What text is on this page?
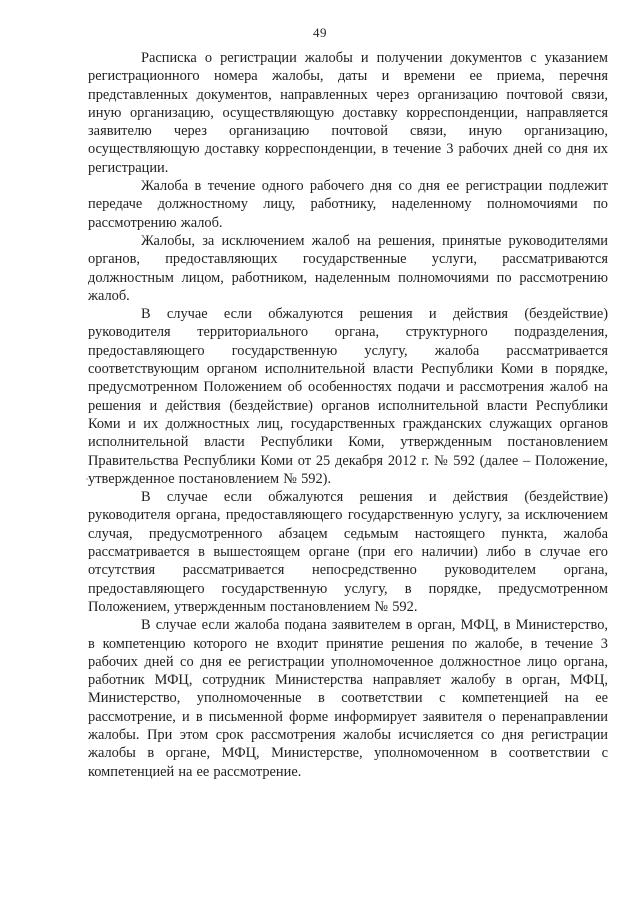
49

Расписка о регистрации жалобы и получении документов с указанием регистрационного номера жалобы, даты и времени ее приема, перечня представленных документов, направленных через организацию почтовой связи, иную организацию, осуществляющую доставку корреспонденции, направляется заявителю через организацию почтовой связи, иную организацию, осуществляющую доставку корреспонденции, в течение 3 рабочих дней со дня их регистрации.

Жалоба в течение одного рабочего дня со дня ее регистрации подлежит передаче должностному лицу, работнику, наделенному полномочиями по рассмотрению жалоб.

Жалобы, за исключением жалоб на решения, принятые руководителями органов, предоставляющих государственные услуги, рассматриваются должностным лицом, работником, наделенным полномочиями по рассмотрению жалоб.

В случае если обжалуются решения и действия (бездействие) руководителя территориального органа, структурного подразделения, предоставляющего государственную услугу, жалоба рассматривается соответствующим органом исполнительной власти Республики Коми в порядке, предусмотренном Положением об особенностях подачи и рассмотрения жалоб на решения и действия (бездействие) органов исполнительной власти Республики Коми и их должностных лиц, государственных гражданских служащих органов исполнительной власти Республики Коми, утвержденным постановлением Правительства Республики Коми от 25 декабря 2012 г. № 592 (далее – Положение, утвержденное постановлением № 592).

В случае если обжалуются решения и действия (бездействие) руководителя органа, предоставляющего государственную услугу, за исключением случая, предусмотренного абзацем седьмым настоящего пункта, жалоба рассматривается в вышестоящем органе (при его наличии) либо в случае его отсутствия рассматривается непосредственно руководителем органа, предоставляющего государственную услугу, в порядке, предусмотренном Положением, утвержденным постановлением № 592.

В случае если жалоба подана заявителем в орган, МФЦ, в Министерство, в компетенцию которого не входит принятие решения по жалобе, в течение 3 рабочих дней со дня ее регистрации уполномоченное должностное лицо органа, работник МФЦ, сотрудник Министерства направляет жалобу в орган, МФЦ, Министерство, уполномоченные в соответствии с компетенцией на ее рассмотрение, и в письменной форме информирует заявителя о перенаправлении жалобы. При этом срок рассмотрения жалобы исчисляется со дня регистрации жалобы в органе, МФЦ, Министерстве, уполномоченном в соответствии с компетенцией на ее рассмотрение.
